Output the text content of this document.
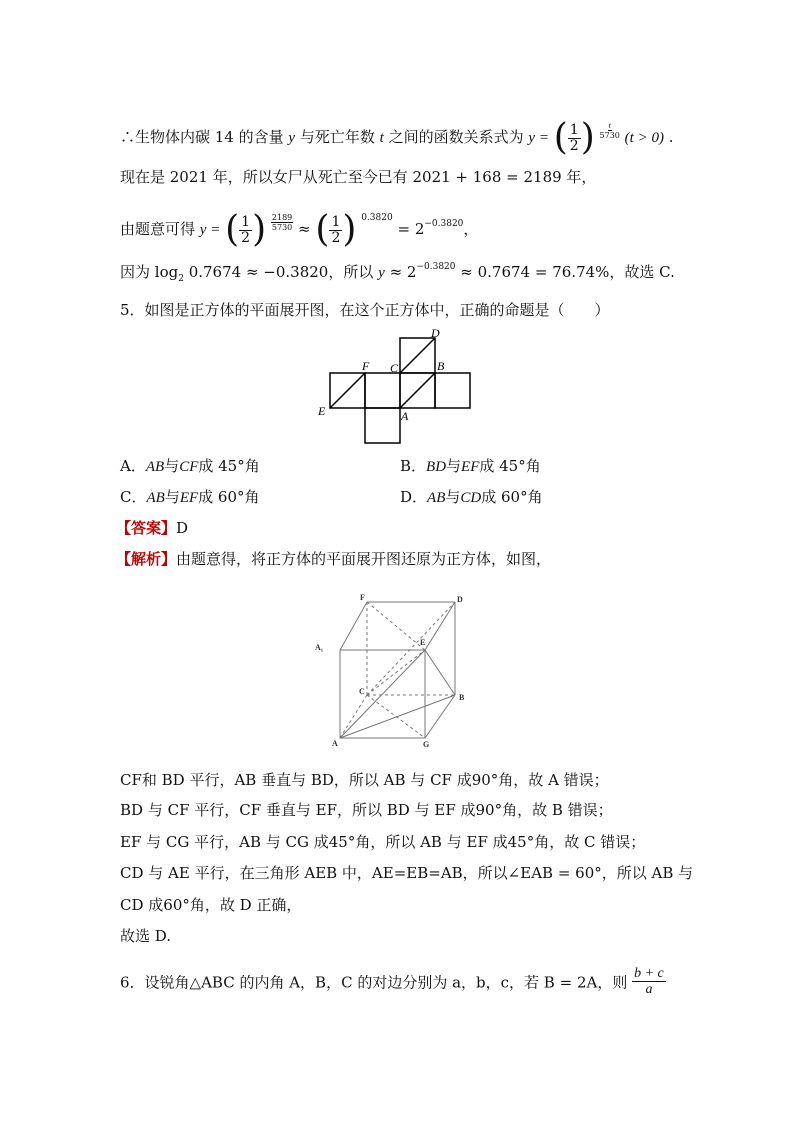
∴生物体内碳 14 的含量 y 与死亡年数 t 之间的函数关系式为 y = ( $\frac{1}{2}$ ) $^{\frac{t}{5730}}$ (t > 0) .
现在是 2021 年，所以女尸从死亡至今已有 2021 + 168 = 2189 年，
由题意可得 y = ( $\frac{1}{2}$ ) $^{\frac{2189}{5730}}$ ≈ ( $\frac{1}{2}$ ) $^{0.3820} = 2^{-0.3820}$，
因为 $\log_2 0.7674 \approx -0.3820$，所以 $y \approx 2^{-0.3820} \approx 0.7674 = 76.74\%$，故选 C.
5．如图是正方体的平面展开图，在这个正方体中，正确的命题是（　　）
D
F C	B
E	A
A．AB与CF成 45°角	B．BD与EF成 45°角
C．AB与EF成 60°角	D．AB与CD成 60°角
【答案】D
【解析】由题意得，将正方体的平面展开图还原为正方体，如图，
F	D
E
A₁
C
B
A	G
CF和 BD 平行，AB 垂直与 BD，所以 AB 与 CF 成90°角，故 A 错误；
BD 与 CF 平行，CF 垂直与 EF，所以 BD 与 EF 成90°角，故 B 错误；
EF 与 CG 平行，AB 与 CG 成45°角，所以 AB 与 EF 成45°角，故 C 错误；
CD 与 AE 平行，在三角形 AEB 中，AE=EB=AB，所以∠EAB = 60°，所以 AB 与
CD 成60°角，故 D 正确，
故选 D.
6．设锐角△ABC 的内角 A，B，C 的对边分别为 a，b，c，若 B = 2A，则 $\frac{b + c}{a}$
